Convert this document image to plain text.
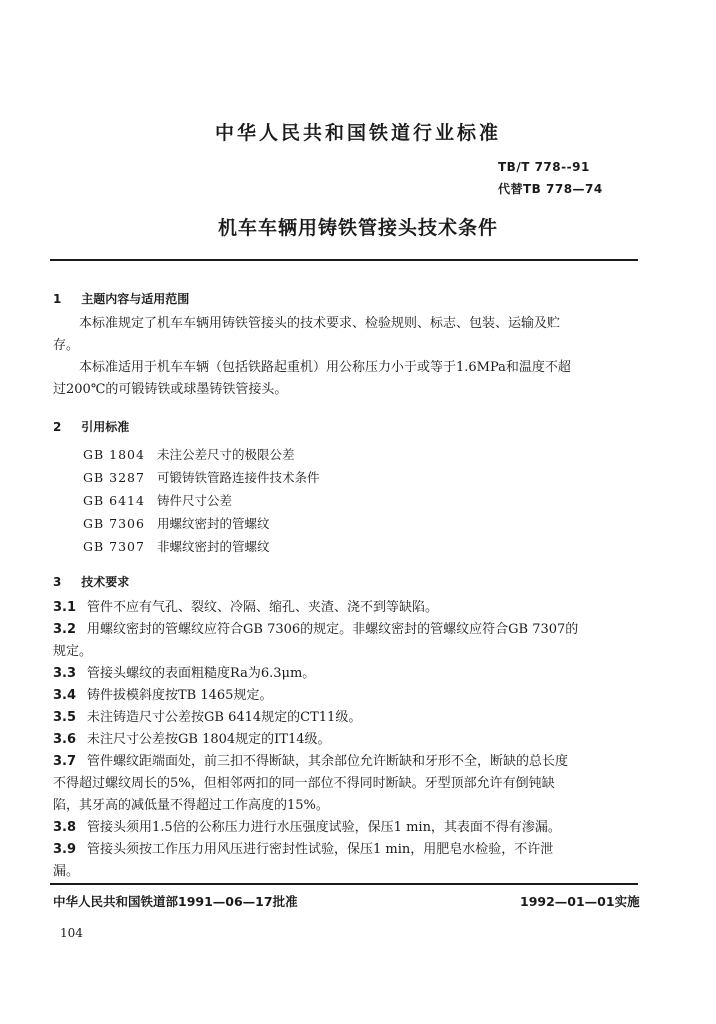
中华人民共和国铁道行业标准
TB/T 778--91
代替TB 778—74
机车车辆用铸铁管接头技术条件
1 主题内容与适用范围
本标准规定了机车车辆用铸铁管接头的技术要求、检验规则、标志、包装、运输及贮
存。
本标准适用于机车车辆（包括铁路起重机）用公称压力小于或等于1.6MPa和温度不超
过200℃的可锻铸铁或球墨铸铁管接头。
2 引用标准
GB 1804 未注公差尺寸的极限公差
GB 3287 可锻铸铁管路连接件技术条件
GB 6414 铸件尺寸公差
GB 7306 用螺纹密封的管螺纹
GB 7307 非螺纹密封的管螺纹
3 技术要求
3.1 管件不应有气孔、裂纹、冷隔、缩孔、夹渣、浇不到等缺陷。
3.2 用螺纹密封的管螺纹应符合GB 7306的规定。非螺纹密封的管螺纹应符合GB 7307的
规定。
3.3 管接头螺纹的表面粗糙度Ra为6.3μm。
3.4 铸件拔模斜度按TB 1465规定。
3.5 未注铸造尺寸公差按GB 6414规定的CT11级。
3.6 未注尺寸公差按GB 1804规定的IT14级。
3.7 管件螺纹距端面处，前三扣不得断缺，其余部位允许断缺和牙形不全，断缺的总长度
不得超过螺纹周长的5%，但相邻两扣的同一部位不得同时断缺。牙型顶部允许有倒钝缺
陷，其牙高的减低量不得超过工作高度的15%。
3.8 管接头须用1.5倍的公称压力进行水压强度试验，保压1 min，其表面不得有渗漏。
3.9 管接头须按工作压力用风压进行密封性试验，保压1 min，用肥皂水检验，不许泄
漏。
中华人民共和国铁道部1991—06—17批准	1992—01—01实施
104
